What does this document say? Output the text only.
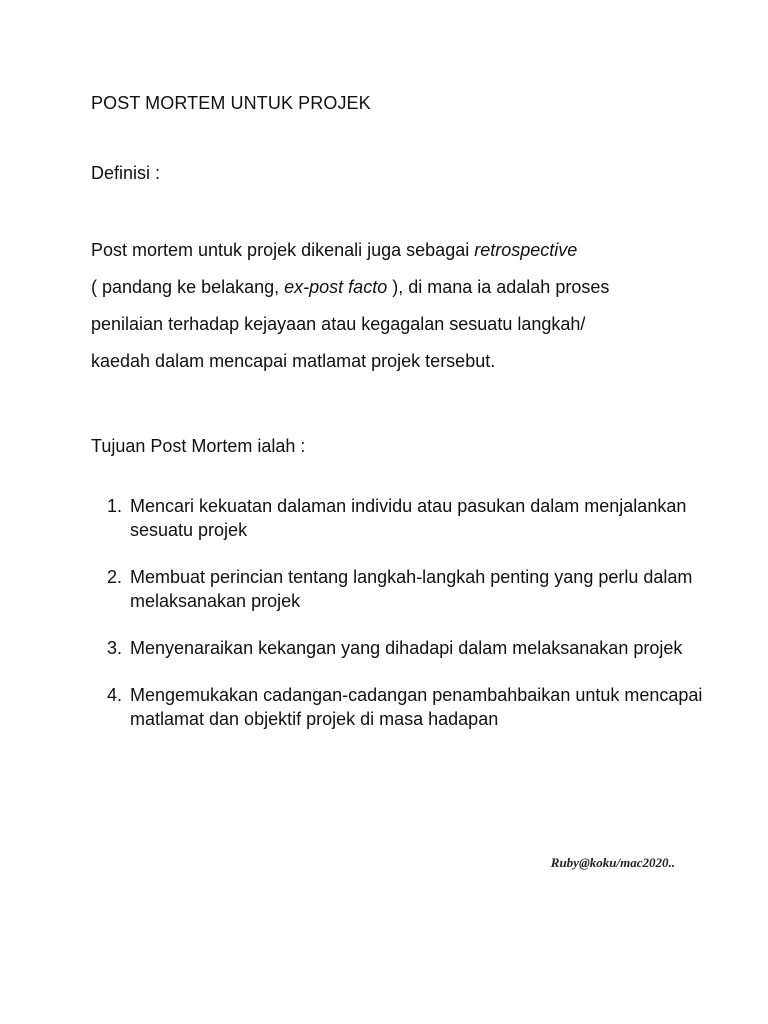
POST MORTEM UNTUK PROJEK
Definisi :

Post mortem untuk projek dikenali juga sebagai retrospective
( pandang ke belakang, ex-post facto ), di mana ia adalah proses
penilaian terhadap kejayaan atau kegagalan sesuatu langkah/
kaedah dalam mencapai matlamat projek tersebut.

Tujuan Post Mortem ialah :
1. Mencari kekuatan dalaman individu atau pasukan dalam menjalankan sesuatu projek
2. Membuat perincian tentang langkah-langkah penting yang perlu dalam melaksanakan projek
3. Menyenaraikan kekangan yang dihadapi dalam melaksanakan projek
4. Mengemukakan cadangan-cadangan penambahbaikan untuk mencapai matlamat dan objektif projek di masa hadapan
Ruby@koku/mac2020..
